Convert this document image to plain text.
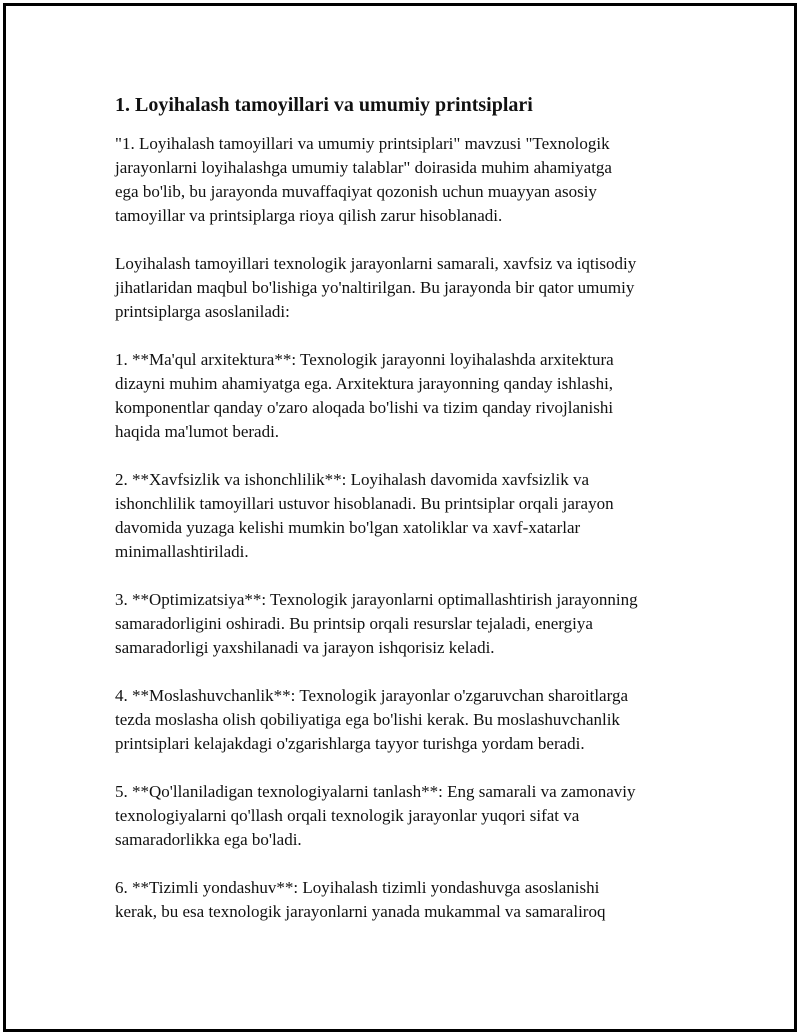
1. Loyihalash tamoyillari va umumiy printsiplari

"1. Loyihalash tamoyillari va umumiy printsiplari" mavzusi "Texnologik
jarayonlarni loyihalashga umumiy talablar" doirasida muhim ahamiyatga
ega bo'lib, bu jarayonda muvaffaqiyat qozonish uchun muayyan asosiy
tamoyillar va printsiplarga rioya qilish zarur hisoblanadi.

Loyihalash tamoyillari texnologik jarayonlarni samarali, xavfsiz va iqtisodiy
jihatlaridan maqbul bo'lishiga yo'naltirilgan. Bu jarayonda bir qator umumiy
printsiplarga asoslaniladi:

1. **Ma'qul arxitektura**: Texnologik jarayonni loyihalashda arxitektura
dizayni muhim ahamiyatga ega. Arxitektura jarayonning qanday ishlashi,
komponentlar qanday o'zaro aloqada bo'lishi va tizim qanday rivojlanishi
haqida ma'lumot beradi.

2. **Xavfsizlik va ishonchlilik**: Loyihalash davomida xavfsizlik va
ishonchlilik tamoyillari ustuvor hisoblanadi. Bu printsiplar orqali jarayon
davomida yuzaga kelishi mumkin bo'lgan xatoliklar va xavf-xatarlar
minimallashtiriladi.

3. **Optimizatsiya**: Texnologik jarayonlarni optimallashtirish jarayonning
samaradorligini oshiradi. Bu printsip orqali resurslar tejaladi, energiya
samaradorligi yaxshilanadi va jarayon ishqorisiz keladi.

4. **Moslashuvchanlik**: Texnologik jarayonlar o'zgaruvchan sharoitlarga
tezda moslasha olish qobiliyatiga ega bo'lishi kerak. Bu moslashuvchanlik
printsiplari kelajakdagi o'zgarishlarga tayyor turishga yordam beradi.

5. **Qo'llaniladigan texnologiyalarni tanlash**: Eng samarali va zamonaviy
texnologiyalarni qo'llash orqali texnologik jarayonlar yuqori sifat va
samaradorlikka ega bo'ladi.

6. **Tizimli yondashuv**: Loyihalash tizimli yondashuvga asoslanishi
kerak, bu esa texnologik jarayonlarni yanada mukammal va samaraliroq
